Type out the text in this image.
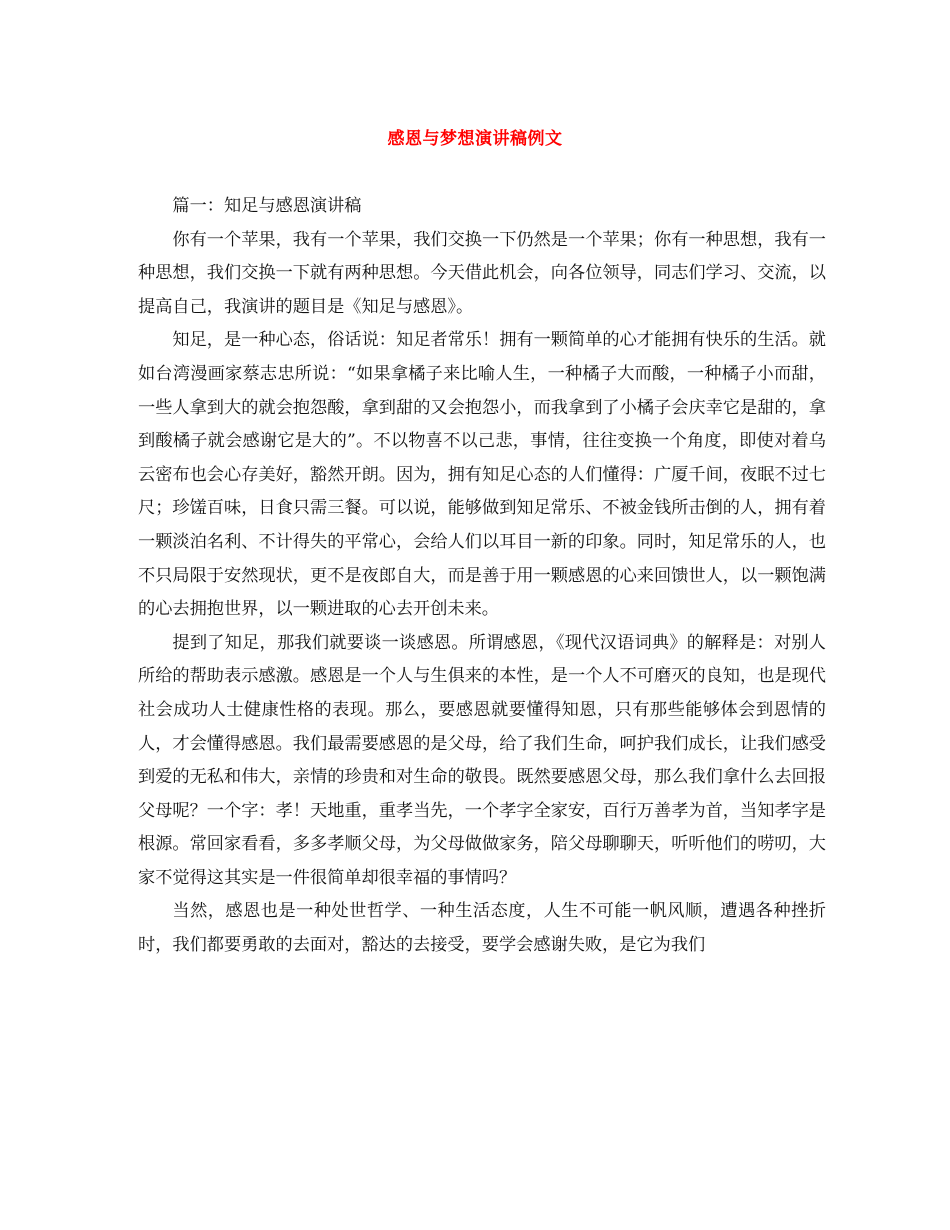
感恩与梦想演讲稿例文

篇一：知足与感恩演讲稿

你有一个苹果，我有一个苹果，我们交换一下仍然是一个苹果；你有一种思想，我有一种思想，我们交换一下就有两种思想。今天借此机会，向各位领导，同志们学习、交流，以提高自己，我演讲的题目是《知足与感恩》。

知足，是一种心态，俗话说：知足者常乐！拥有一颗简单的心才能拥有快乐的生活。就如台湾漫画家蔡志忠所说：“如果拿橘子来比喻人生，一种橘子大而酸，一种橘子小而甜，一些人拿到大的就会抱怨酸，拿到甜的又会抱怨小，而我拿到了小橘子会庆幸它是甜的，拿到酸橘子就会感谢它是大的”。不以物喜不以己悲，事情，往往变换一个角度，即使对着乌云密布也会心存美好，豁然开朗。因为，拥有知足心态的人们懂得：广厦千间，夜眠不过七尺；珍馐百味，日食只需三餐。可以说，能够做到知足常乐、不被金钱所击倒的人，拥有着一颗淡泊名利、不计得失的平常心，会给人们以耳目一新的印象。同时，知足常乐的人，也不只局限于安然现状，更不是夜郎自大，而是善于用一颗感恩的心来回馈世人，以一颗饱满的心去拥抱世界，以一颗进取的心去开创未来。

提到了知足，那我们就要谈一谈感恩。所谓感恩，《现代汉语词典》的解释是：对别人所给的帮助表示感激。感恩是一个人与生俱来的本性，是一个人不可磨灭的良知，也是现代社会成功人士健康性格的表现。那么，要感恩就要懂得知恩，只有那些能够体会到恩情的人，才会懂得感恩。我们最需要感恩的是父母，给了我们生命，呵护我们成长，让我们感受到爱的无私和伟大，亲情的珍贵和对生命的敬畏。既然要感恩父母，那么我们拿什么去回报父母呢？一个字：孝！天地重，重孝当先，一个孝字全家安，百行万善孝为首，当知孝字是根源。常回家看看，多多孝顺父母，为父母做做家务，陪父母聊聊天，听听他们的唠叨，大家不觉得这其实是一件很简单却很幸福的事情吗？

当然，感恩也是一种处世哲学、一种生活态度，人生不可能一帆风顺，遭遇各种挫折时，我们都要勇敢的去面对，豁达的去接受，要学会感谢失败，是它为我们
